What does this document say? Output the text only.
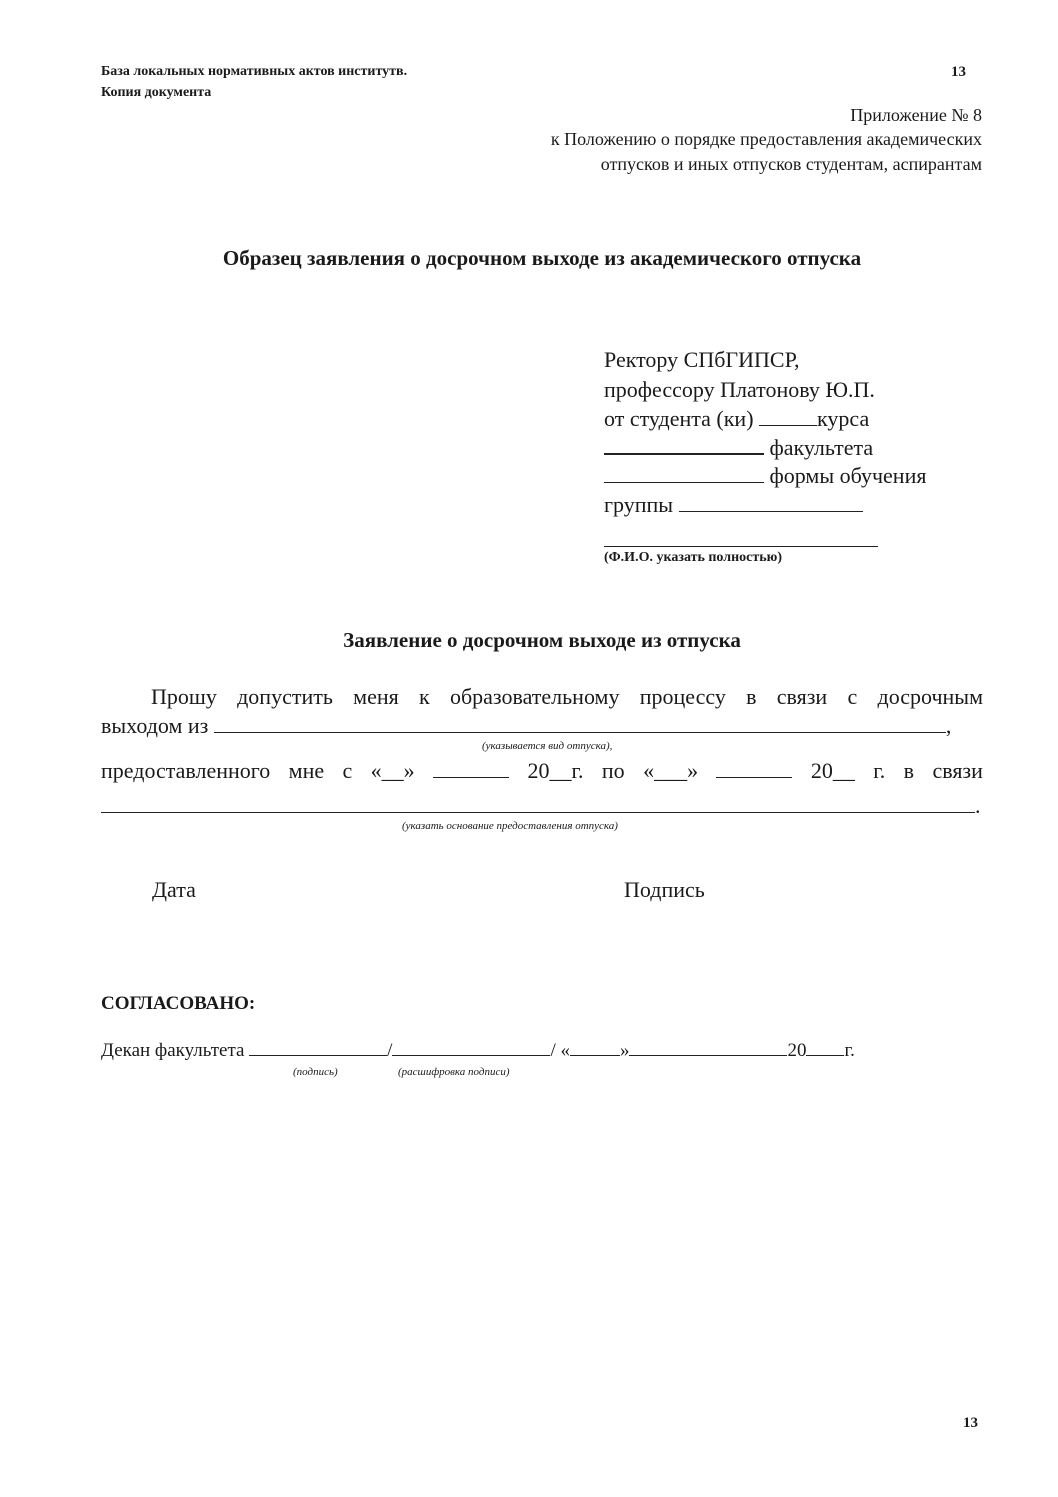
База локальных нормативных актов институтв.
Копия документа
13
Приложение № 8
к Положению о порядке предоставления академических
отпусков и иных отпусков студентам, аспирантам
Образец заявления о досрочном выходе из академического отпуска
Ректору СПбГИПСР,
профессору Платонову Ю.П.
от студента (ки)	курса
факультета
формы обучения
группы
(Ф.И.О. указать полностью)
Заявление о досрочном выходе из отпуска
Прошу допустить меня к образовательному процессу в связи с досрочным
выходом из	,
(указывается вид отпуска),
предоставленного мне с «__»	20__г. по «___»	20__ г. в связи
.
(указать основание предоставления отпуска)
Дата	Подпись
СОГЛАСОВАНО:
Декан факультета	/	/ «	»	20 г.
(подпись)	(расшифровка подписи)
13
